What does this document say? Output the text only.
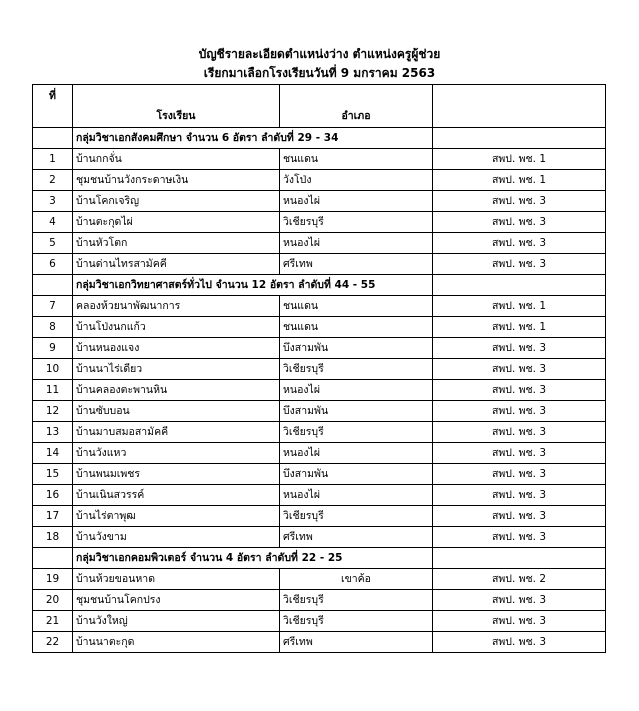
บัญชีรายละเอียดตำแหน่งว่าง ตำแหน่งครูผู้ช่วย
เรียกมาเลือกโรงเรียนวันที่ 9 มกราคม 2563
ที่	โรงเรียน	อำเภอ	
	กลุ่มวิชาเอกสังคมศึกษา จำนวน 6 อัตรา ลำดับที่ 29 - 34		
1	บ้านกกจั่น	ชนแดน	สพป. พช. 1
2	ชุมชนบ้านวังกระดาษเงิน	วังโป่ง	สพป. พช. 1
3	บ้านโคกเจริญ	หนองไผ่	สพป. พช. 3
4	บ้านตะกุดไผ่	วิเชียรบุรี	สพป. พช. 3
5	บ้านหัวโตก	หนองไผ่	สพป. พช. 3
6	บ้านด่านไทรสามัคคี	ศรีเทพ	สพป. พช. 3
	กลุ่มวิชาเอกวิทยาศาสตร์ทั่วไป จำนวน 12 อัตรา ลำดับที่ 44 - 55		
7	คลองห้วยนาพัฒนาการ	ชนแดน	สพป. พช. 1
8	บ้านโป่งนกแก้ว	ชนแดน	สพป. พช. 1
9	บ้านหนองแจง	บึงสามพัน	สพป. พช. 3
10	บ้านนาไร่เดียว	วิเชียรบุรี	สพป. พช. 3
11	บ้านคลองตะพานหิน	หนองไผ่	สพป. พช. 3
12	บ้านซับบอน	บึงสามพัน	สพป. พช. 3
13	บ้านมาบสมอสามัคคี	วิเชียรบุรี	สพป. พช. 3
14	บ้านวังแหว	หนองไผ่	สพป. พช. 3
15	บ้านพนมเพชร	บึงสามพัน	สพป. พช. 3
16	บ้านเนินสวรรค์	หนองไผ่	สพป. พช. 3
17	บ้านไร่ตาพุฒ	วิเชียรบุรี	สพป. พช. 3
18	บ้านวังขาม	ศรีเทพ	สพป. พช. 3
	กลุ่มวิชาเอกคอมพิวเตอร์ จำนวน 4 อัตรา ลำดับที่ 22 - 25		
19	บ้านห้วยขอนหาด	เขาค้อ	สพป. พช. 2
20	ชุมชนบ้านโคกปรง	วิเชียรบุรี	สพป. พช. 3
21	บ้านวังใหญ่	วิเชียรบุรี	สพป. พช. 3
22	บ้านนาตะกุด	ศรีเทพ	สพป. พช. 3
